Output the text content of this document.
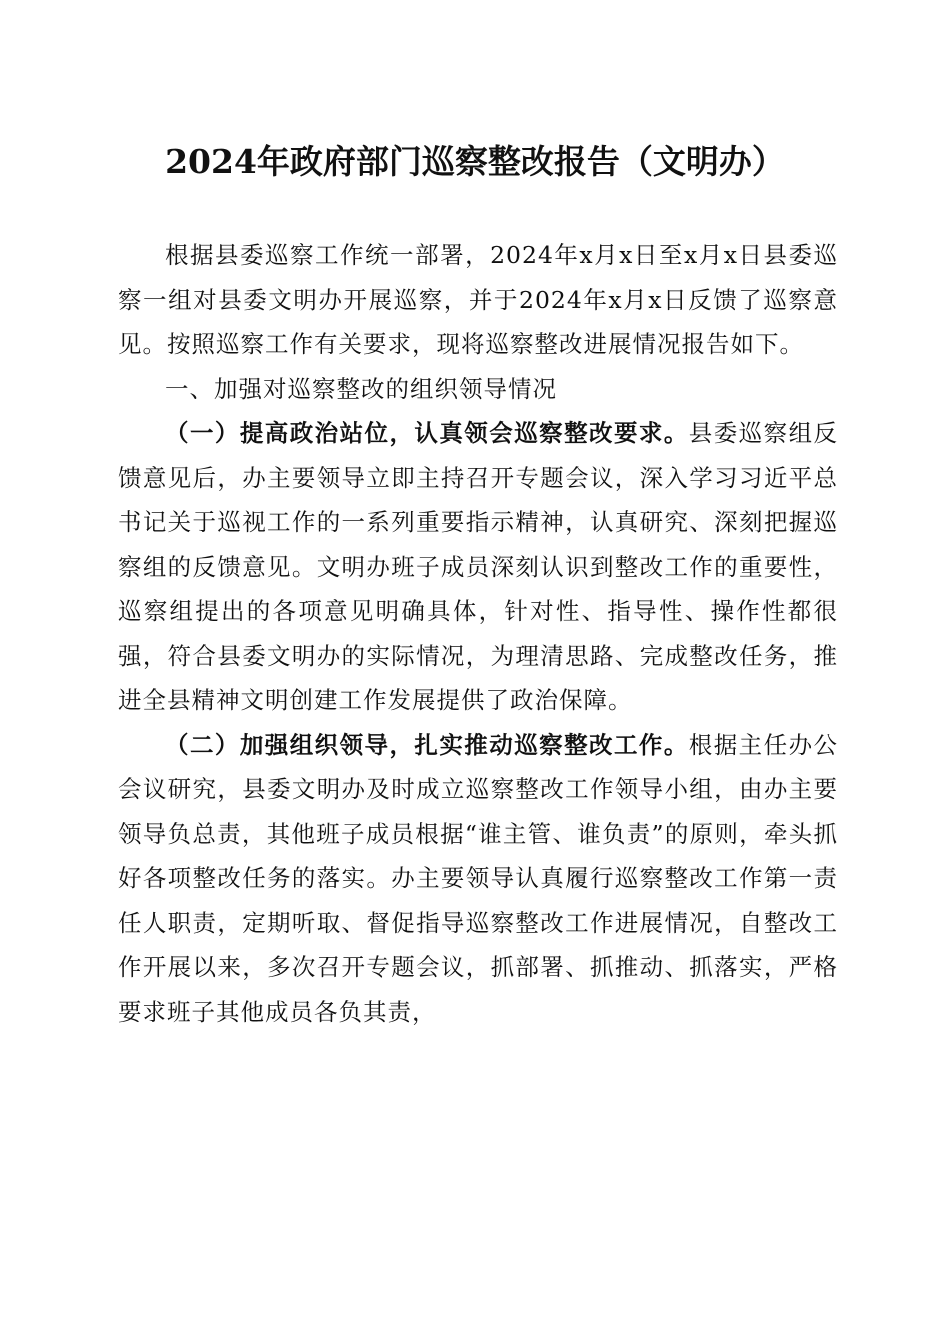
2024年政府部门巡察整改报告（文明办）

根据县委巡察工作统一部署，2024年x月x日至x月x日县委巡察一组对县委文明办开展巡察，并于2024年x月x日反馈了巡察意见。按照巡察工作有关要求，现将巡察整改进展情况报告如下。

一、加强对巡察整改的组织领导情况

（一）提高政治站位，认真领会巡察整改要求。县委巡察组反馈意见后，办主要领导立即主持召开专题会议，深入学习习近平总书记关于巡视工作的一系列重要指示精神，认真研究、深刻把握巡察组的反馈意见。文明办班子成员深刻认识到整改工作的重要性，巡察组提出的各项意见明确具体，针对性、指导性、操作性都很强，符合县委文明办的实际情况，为理清思路、完成整改任务，推进全县精神文明创建工作发展提供了政治保障。

（二）加强组织领导，扎实推动巡察整改工作。根据主任办公会议研究，县委文明办及时成立巡察整改工作领导小组，由办主要领导负总责，其他班子成员根据“谁主管、谁负责”的原则，牵头抓好各项整改任务的落实。办主要领导认真履行巡察整改工作第一责任人职责，定期听取、督促指导巡察整改工作进展情况，自整改工作开展以来，多次召开专题会议，抓部署、抓推动、抓落实，严格要求班子其他成员各负其责，
